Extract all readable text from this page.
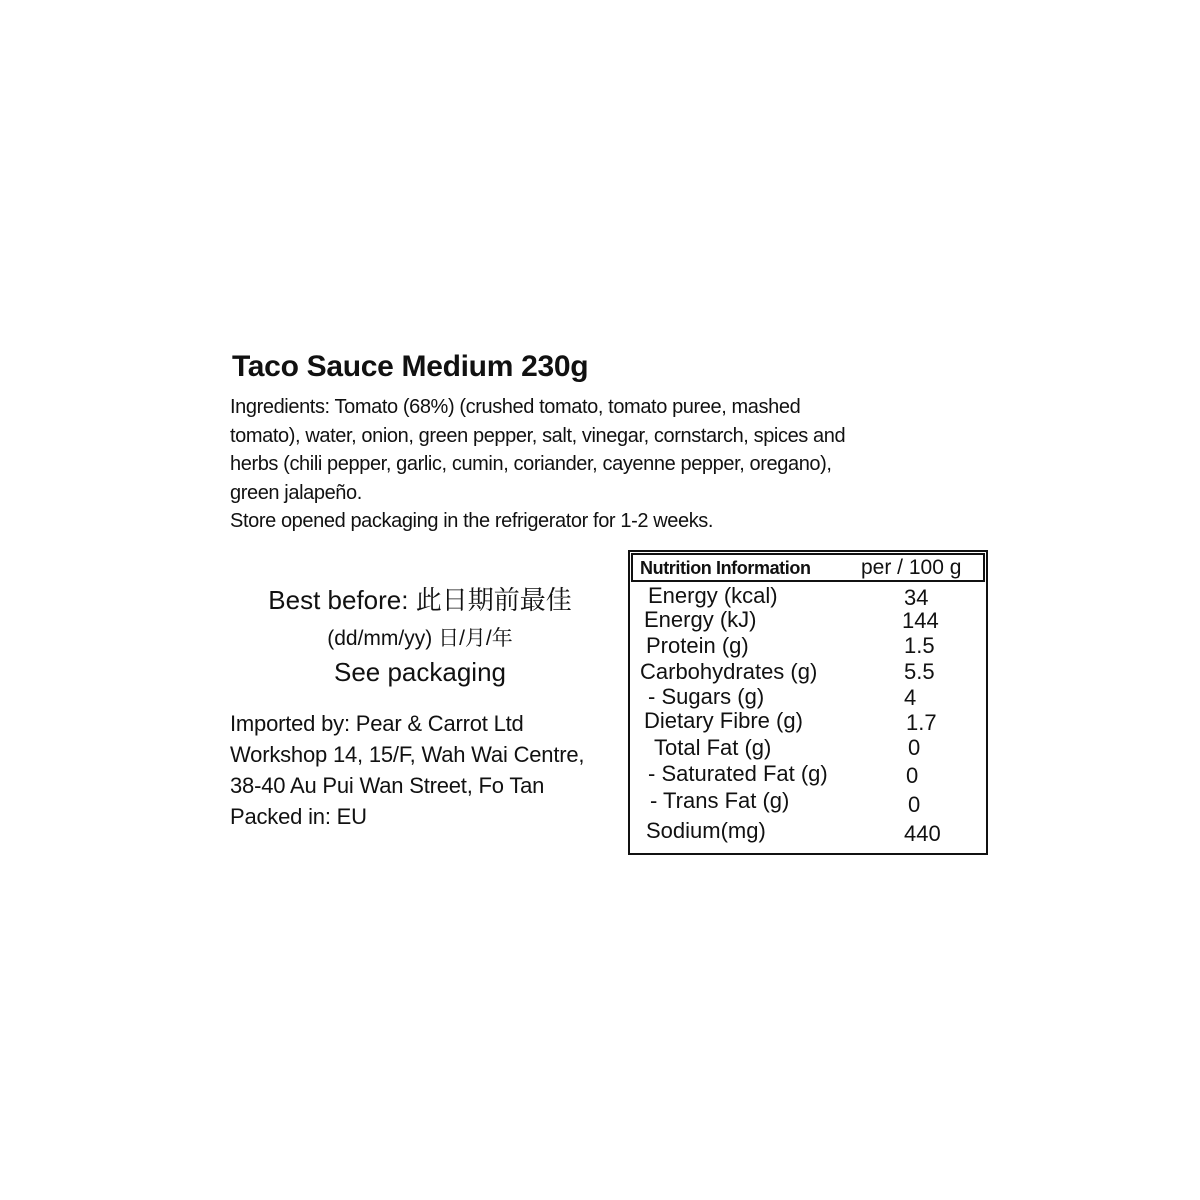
Taco Sauce Medium 230g

Ingredients: Tomato (68%) (crushed tomato, tomato puree, mashed

tomato), water, onion, green pepper, salt, vinegar, cornstarch, spices and

herbs (chili pepper, garlic, cumin, coriander, cayenne pepper, oregano),

green jalapeño.

Store opened packaging in the refrigerator for 1-2 weeks.

Best before: 此日期前最佳
(dd/mm/yy) 日/月/年
See packaging
Imported by: Pear & Carrot Ltd
Workshop 14, 15/F, Wah Wai Centre,
38-40 Au Pui Wan Street, Fo Tan
Packed in: EU
Nutrition Information per / 100 g
Energy (kcal)	34
Energy (kJ)	144
Protein (g)	1.5
Carbohydrates (g)	5.5
- Sugars (g)	4
Dietary Fibre (g)	1.7
Total Fat (g)	0
- Saturated Fat (g)	0
- Trans Fat (g)	0
Sodium(mg)	440
